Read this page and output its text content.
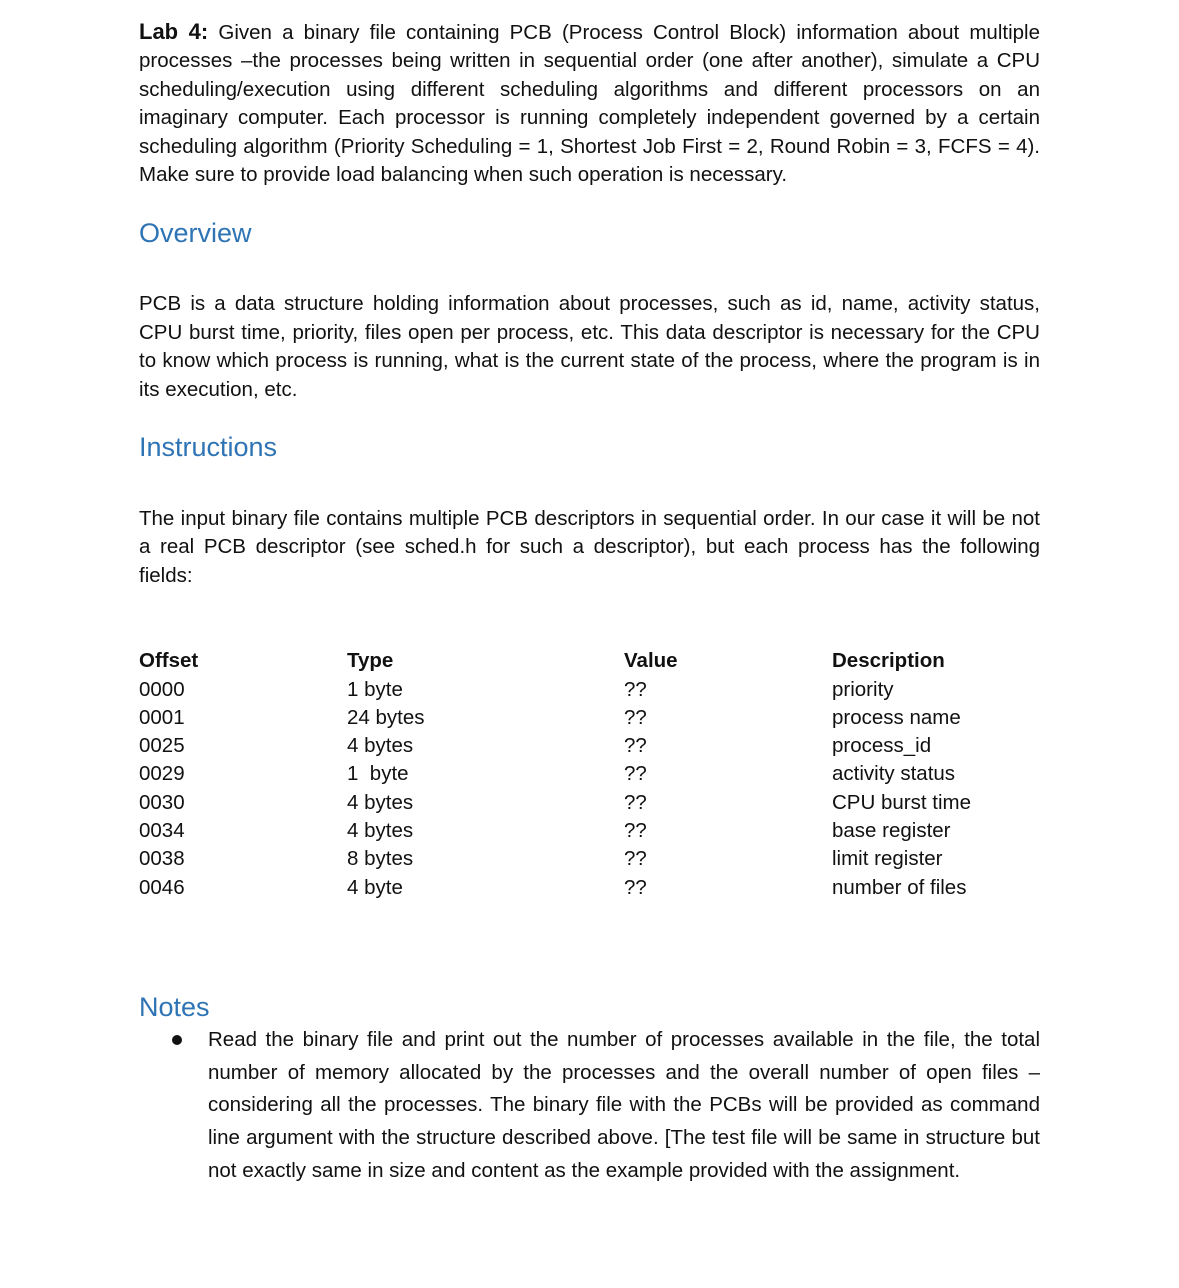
Lab 4: Given a binary file containing PCB (Process Control Block) information about multiple processes –the processes being written in sequential order (one after another), simulate a CPU scheduling/execution using different scheduling algorithms and different processors on an imaginary computer. Each processor is running completely independent governed by a certain scheduling algorithm (Priority Scheduling = 1, Shortest Job First = 2, Round Robin = 3, FCFS = 4). Make sure to provide load balancing when such operation is necessary.

Overview

PCB is a data structure holding information about processes, such as id, name, activity status, CPU burst time, priority, files open per process, etc. This data descriptor is necessary for the CPU to know which process is running, what is the current state of the process, where the program is in its execution, etc.

Instructions

The input binary file contains multiple PCB descriptors in sequential order. In our case it will be not a real PCB descriptor (see sched.h for such a descriptor), but each process has the following fields:

Offset	Type	Value	Description
0000	1 byte	??	priority
0001	24 bytes	??	process name
0025	4 bytes	??	process_id
0029	1  byte	??	activity status
0030	4 bytes	??	CPU burst time
0034	4 bytes	??	base register
0038	8 bytes	??	limit register
0046	4 byte	??	number of files
Notes
Read the binary file and print out the number of processes available in the file, the total number of memory allocated by the processes and the overall number of open files – considering all the processes. The binary file with the PCBs will be provided as command line argument with the structure described above. [The test file will be same in structure but not exactly same in size and content as the example provided with the assignment.
